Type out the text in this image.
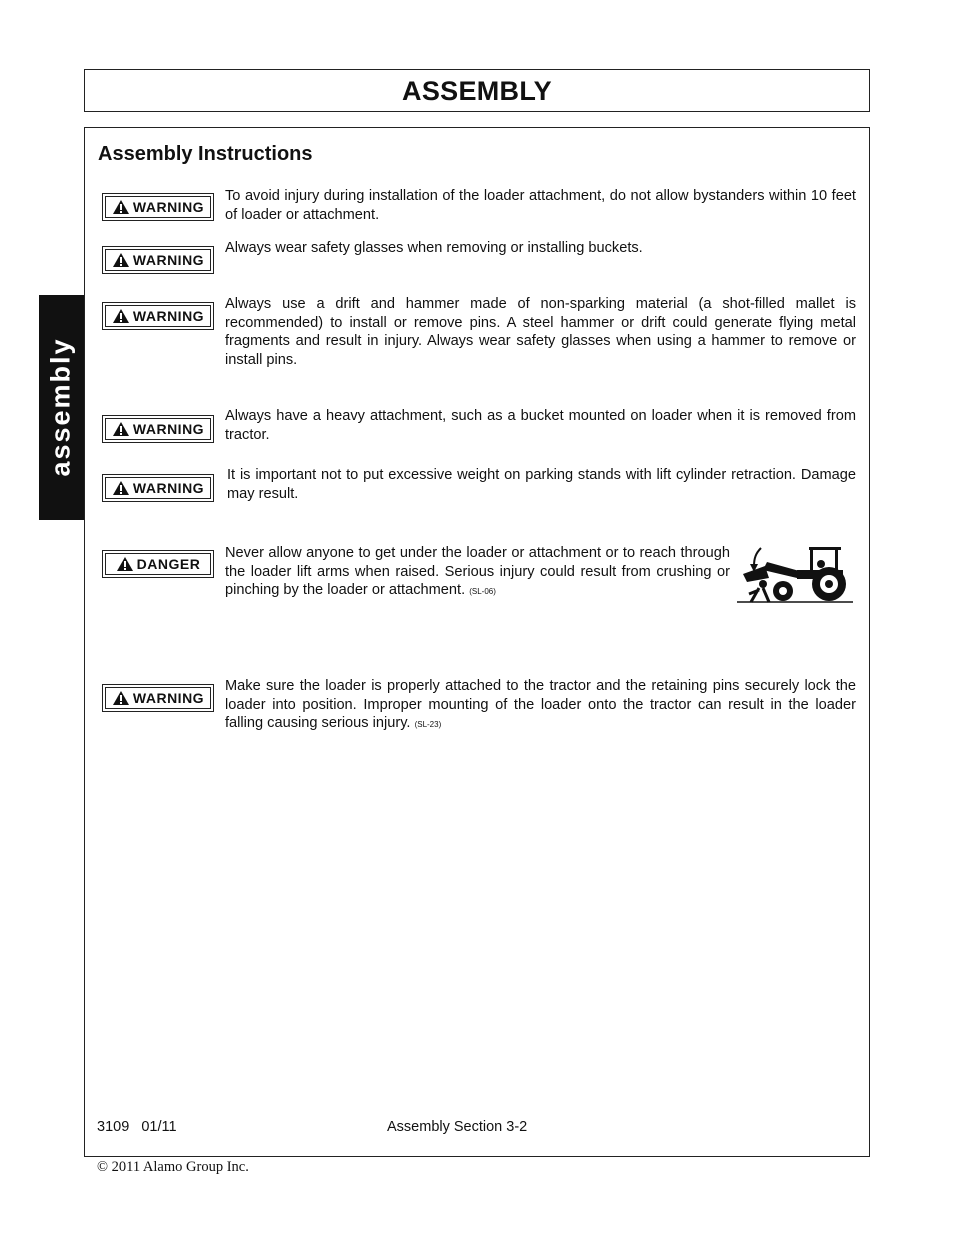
ASSEMBLY
assembly
Assembly Instructions
WARNING
To avoid injury during installation of the loader attachment, do not allow bystanders within 10 feet of loader or attachment.
WARNING
Always wear safety glasses when removing or installing buckets.
WARNING
Always use a drift and hammer made of non-sparking material (a shot-filled mallet is recommended) to install or remove pins. A steel hammer or drift could generate flying metal fragments and result in injury. Always wear safety glasses when using a hammer to remove or install pins.
WARNING
Always have a heavy attachment, such as a bucket mounted on loader when it is removed from tractor.
WARNING
It is important not to put excessive weight on parking stands with lift cylinder retraction. Damage may result.
DANGER
Never allow anyone to get under the loader or attachment or to reach through the loader lift arms when raised. Serious injury could result from crushing or pinching by the loader or attachment. (SL-06)
WARNING
Make sure the loader is properly attached to the tractor and the retaining pins securely lock the loader into position. Improper mounting of the loader onto the tractor can result in the loader falling causing serious injury. (SL-23)
3109   01/11	Assembly Section 3-2
© 2011 Alamo Group Inc.
